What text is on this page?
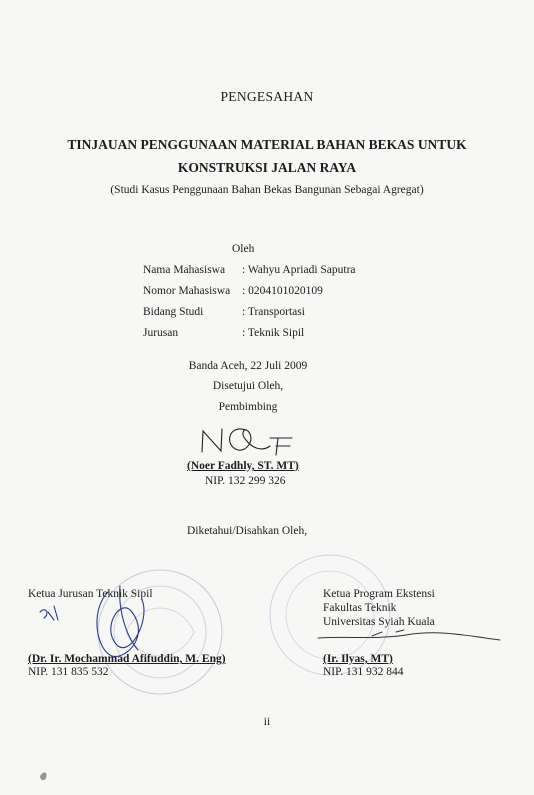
PENGESAHAN
TINJAUAN PENGGUNAAN MATERIAL BAHAN BEKAS UNTUK
KONSTRUKSI JALAN RAYA
(Studi Kasus Penggunaan Bahan Bekas Bangunan Sebagai Agregat)
Oleh
Nama Mahasiswa : Wahyu Apriadi Saputra
Nomor Mahasiswa : 0204101020109
Bidang Studi	: Transportasi
Jurusan	: Teknik Sipil
Banda Aceh, 22 Juli 2009
Disetujui Oleh,
Pembimbing
(Noer Fadhly, ST. MT)
NIP. 132 299 326
Diketahui/Disahkan Oleh,
Ketua Jurusan Teknik Sipil
(Dr. Ir. Mochammad Afifuddin, M. Eng)
NIP. 131 835 532
Ketua Program Ekstensi
Fakultas Teknik
Universitas Syiah Kuala
(Ir. Ilyas, MT)
NIP. 131 932 844
ii
